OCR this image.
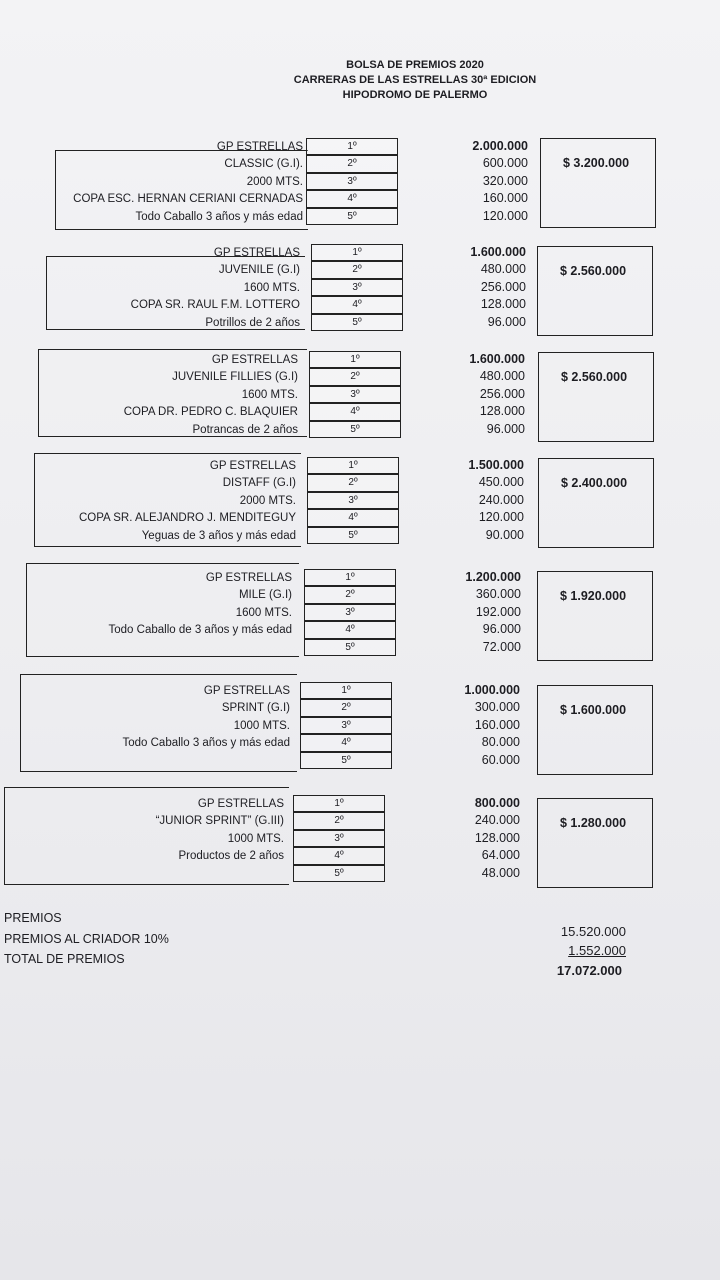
BOLSA DE PREMIOS 2020
CARRERAS DE LAS ESTRELLAS 30ª EDICION
HIPODROMO DE PALERMO
GP ESTRELLAS
CLASSIC (G.I).
2000 MTS.
COPA ESC. HERNAN CERIANI CERNADAS
Todo Caballo 3 años y más edad
1º
2º
3º
4º
5º
2.000.000
600.000
320.000
160.000
120.000
$ 3.200.000
GP ESTRELLAS
JUVENILE (G.I)
1600 MTS.
COPA SR. RAUL F.M. LOTTERO
Potrillos de 2 años
1º
2º
3º
4º
5º
1.600.000
480.000
256.000
128.000
96.000
$ 2.560.000
GP ESTRELLAS
JUVENILE FILLIES (G.I)
1600 MTS.
COPA DR. PEDRO C. BLAQUIER
Potrancas de 2 años
1º
2º
3º
4º
5º
1.600.000
480.000
256.000
128.000
96.000
$ 2.560.000
GP ESTRELLAS
DISTAFF (G.I)
2000 MTS.
COPA SR. ALEJANDRO J. MENDITEGUY
Yeguas de 3 años y más edad
1º
2º
3º
4º
5º
1.500.000
450.000
240.000
120.000
90.000
$ 2.400.000
GP ESTRELLAS
MILE (G.I)
1600 MTS.
Todo Caballo de 3 años y más edad
1º
2º
3º
4º
5º
1.200.000
360.000
192.000
96.000
72.000
$ 1.920.000
GP ESTRELLAS
SPRINT (G.I)
1000 MTS.
Todo Caballo 3 años y más edad
1º
2º
3º
4º
5º
1.000.000
300.000
160.000
80.000
60.000
$ 1.600.000
GP ESTRELLAS
“JUNIOR SPRINT” (G.III)
1000 MTS.
Productos de 2 años
1º
2º
3º
4º
5º
800.000
240.000
128.000
64.000
48.000
$ 1.280.000
PREMIOS
PREMIOS AL CRIADOR 10%
TOTAL DE PREMIOS
15.520.000
1.552.000
17.072.000
